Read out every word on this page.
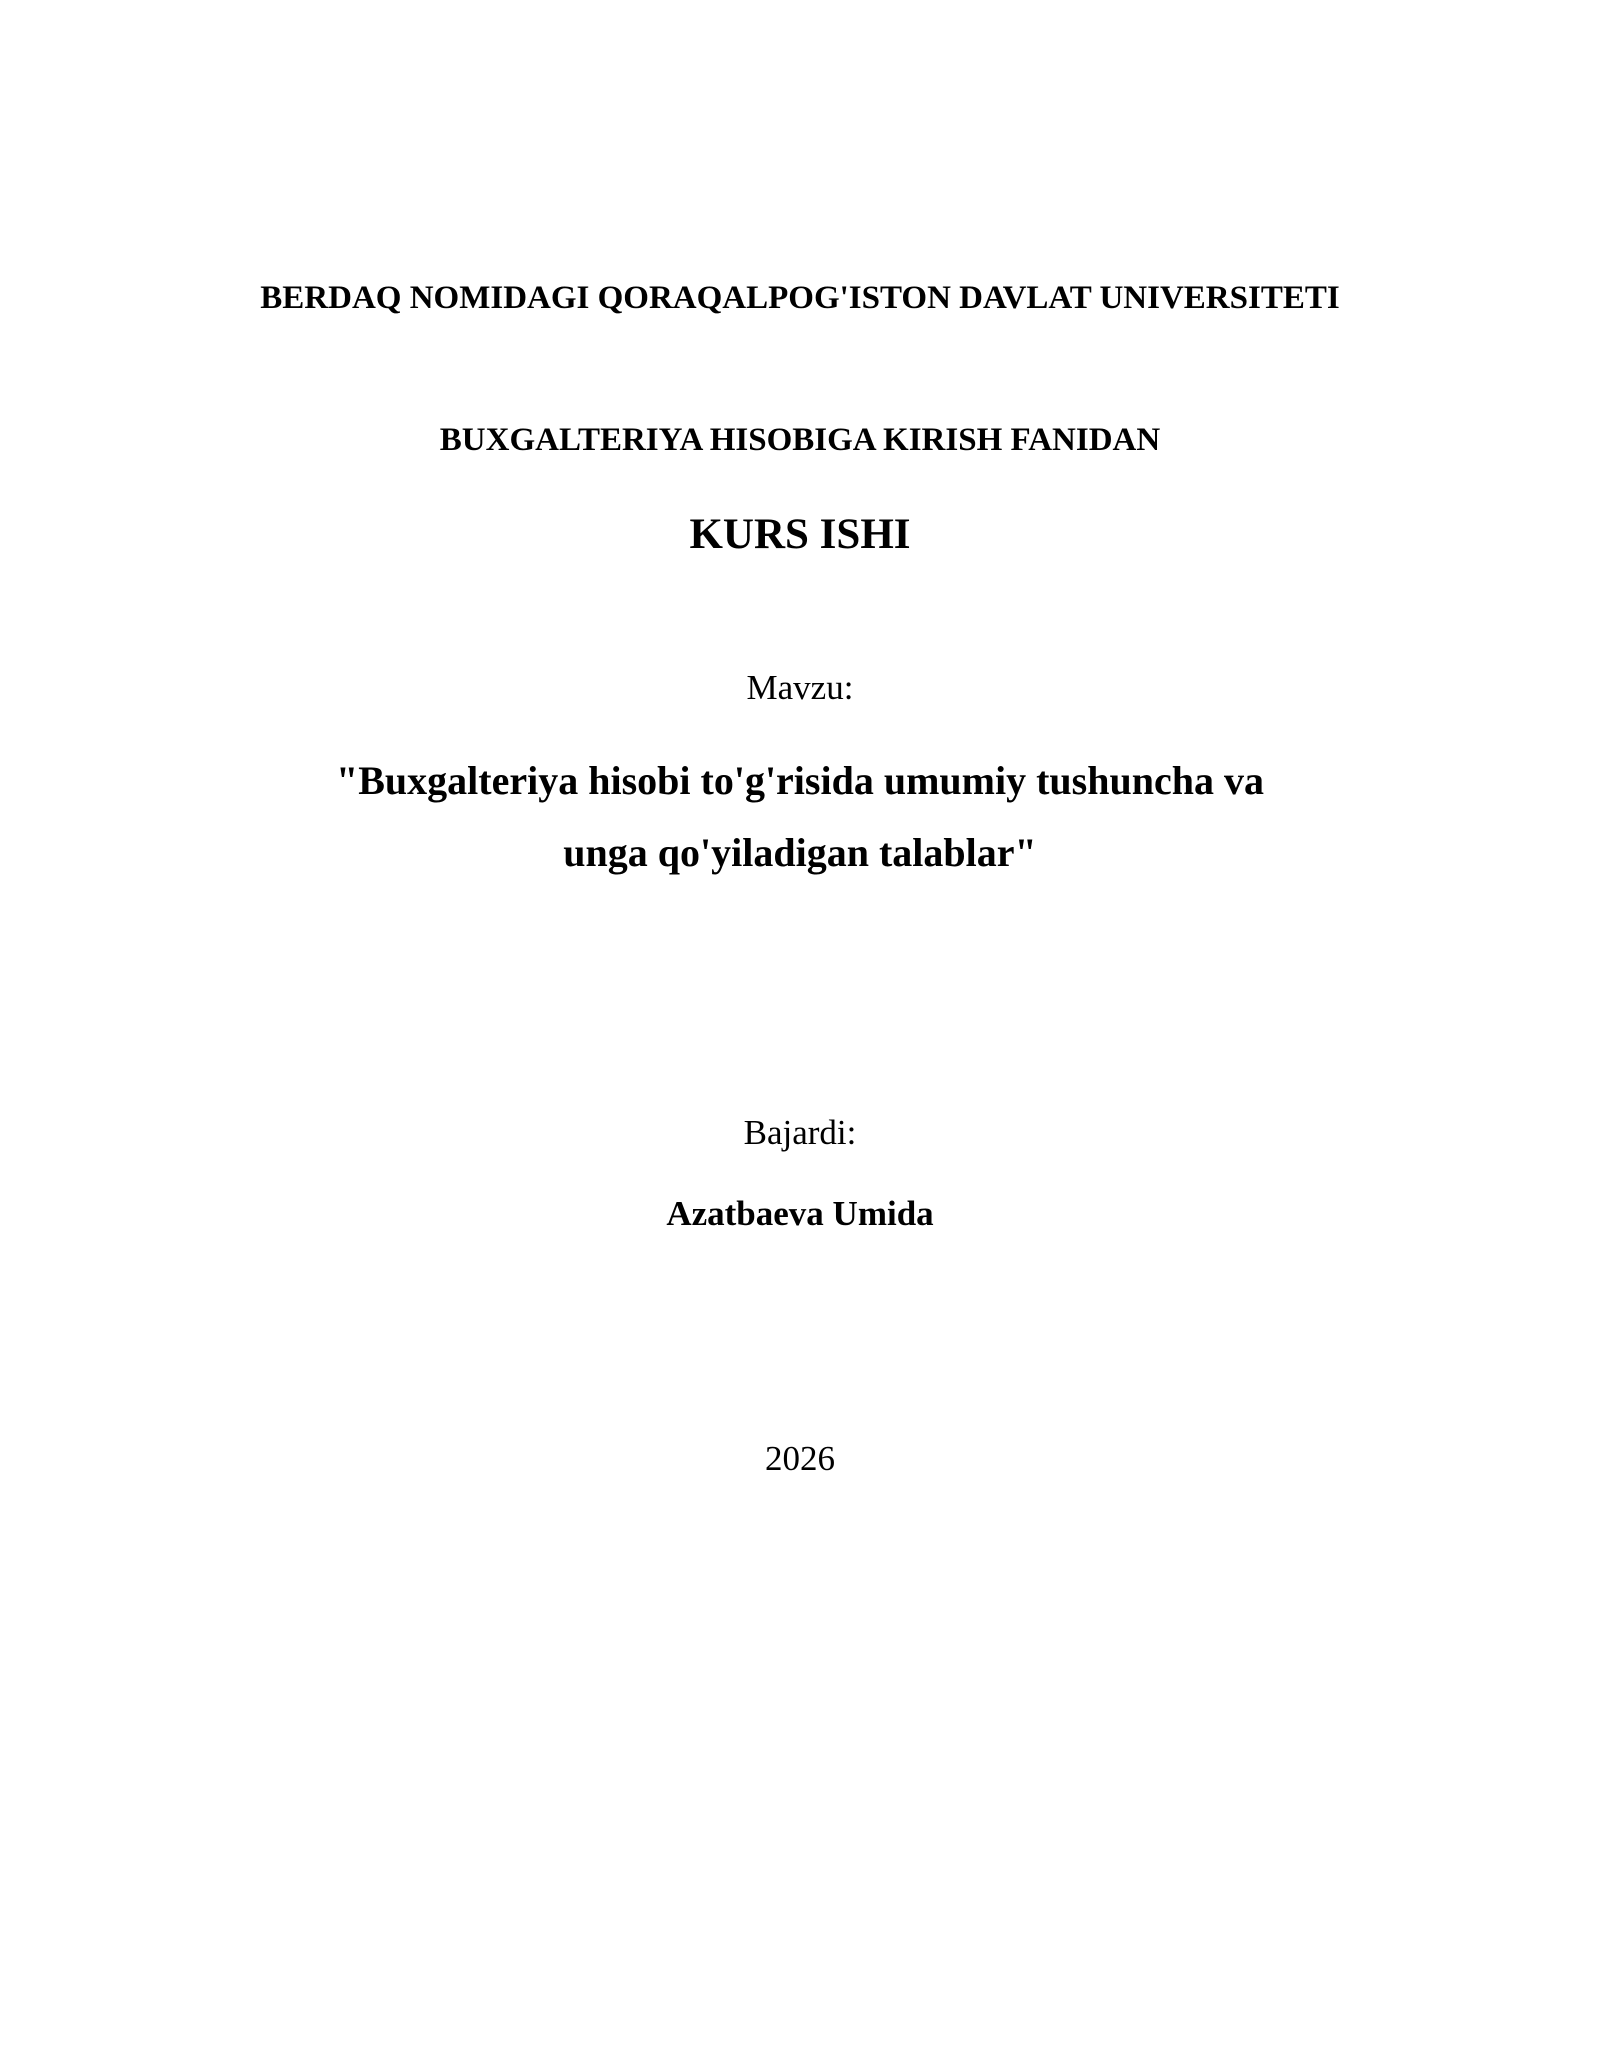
BERDAQ NOMIDAGI QORAQALPOG'ISTON DAVLAT UNIVERSITETI
BUXGALTERIYA HISOBIGA KIRISH FANIDAN
KURS ISHI
Mavzu:
"Buxgalteriya hisobi to'g'risida umumiy tushuncha va unga qo'yiladigan talablar"
Bajardi:
Azatbaeva Umida
2026
